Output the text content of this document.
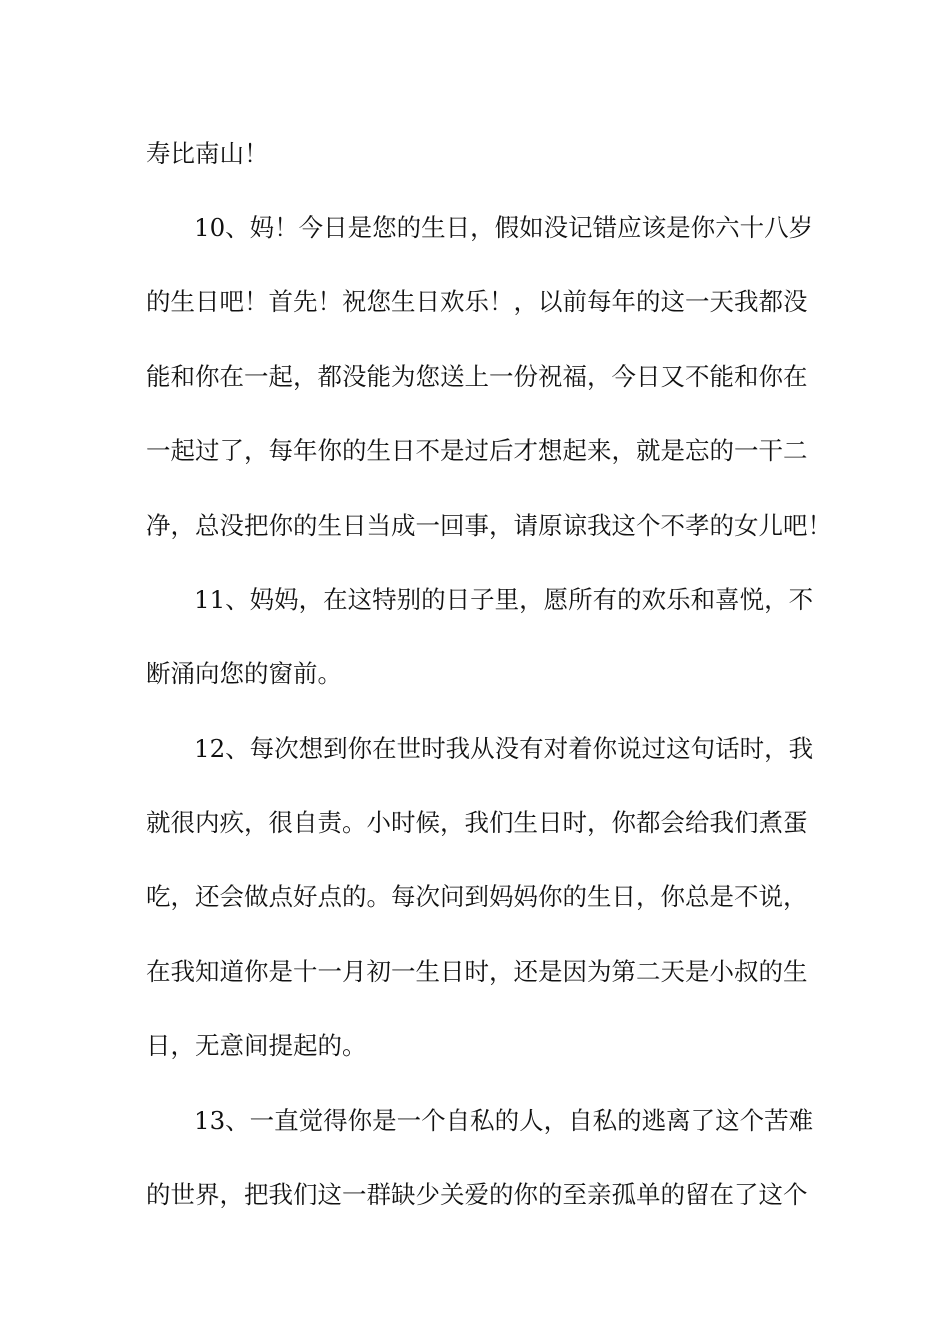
寿比南山！
10、妈！今日是您的生日，假如没记错应该是你六十八岁
的生日吧！首先！祝您生日欢乐！，以前每年的这一天我都没
能和你在一起，都没能为您送上一份祝福，今日又不能和你在
一起过了，每年你的生日不是过后才想起来，就是忘的一干二
净，总没把你的生日当成一回事，请原谅我这个不孝的女儿吧！
11、妈妈，在这特别的日子里，愿所有的欢乐和喜悦，不
断涌向您的窗前。
12、每次想到你在世时我从没有对着你说过这句话时，我
就很内疚，很自责。小时候，我们生日时，你都会给我们煮蛋
吃，还会做点好点的。每次问到妈妈你的生日，你总是不说，
在我知道你是十一月初一生日时，还是因为第二天是小叔的生
日，无意间提起的。
13、一直觉得你是一个自私的人，自私的逃离了这个苦难
的世界，把我们这一群缺少关爱的你的至亲孤单的留在了这个
